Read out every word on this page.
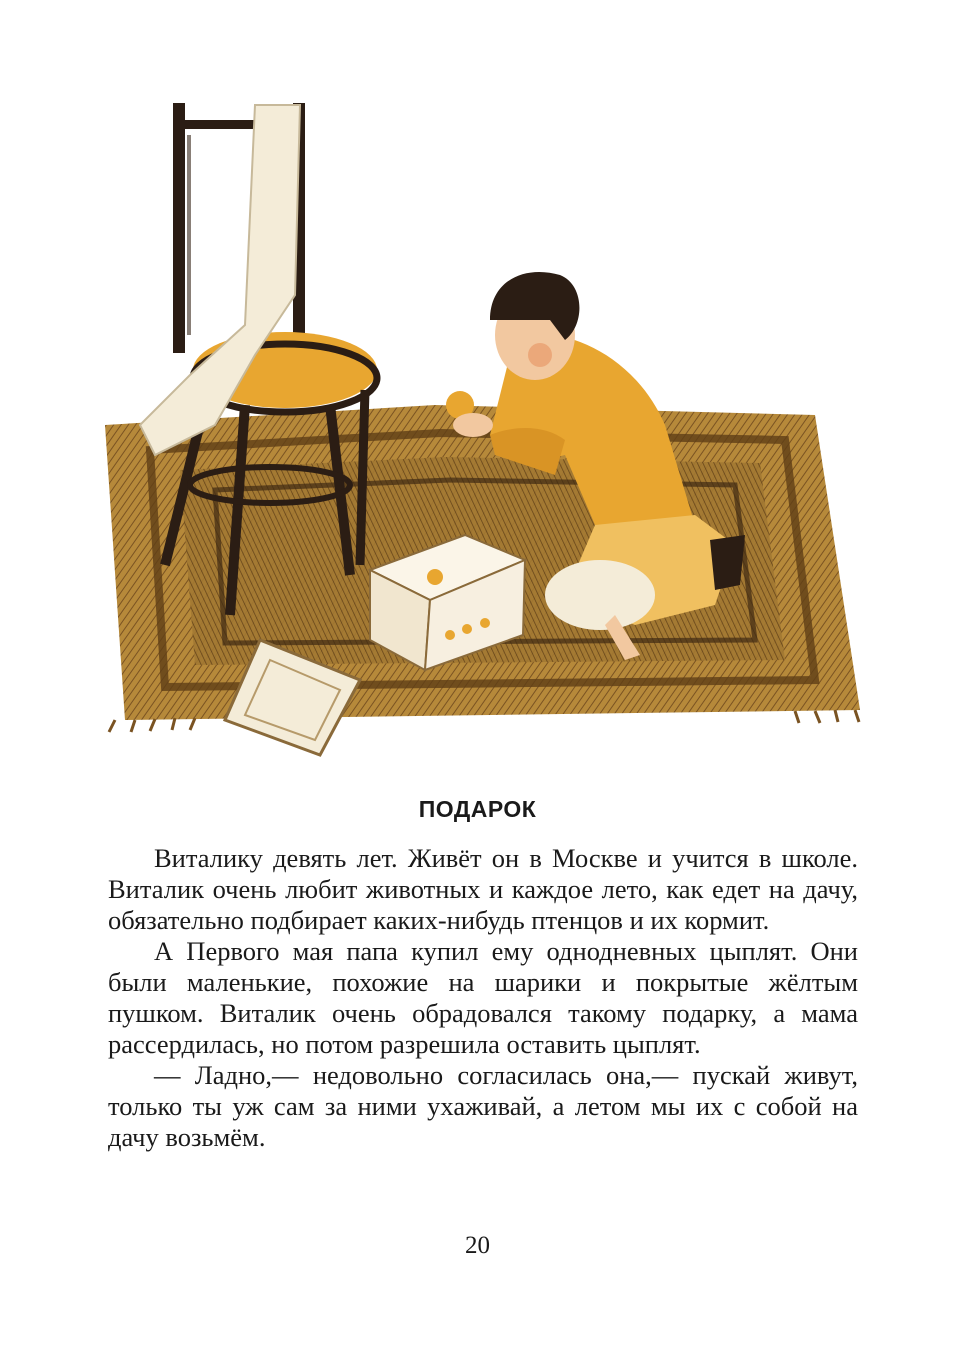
ПОДАРОК

Виталику девять лет. Живёт он в Москве и учится в школе. Виталик очень любит животных и каждое лето, как едет на дачу, обязательно подбирает каких-нибудь птенцов и их кормит.

А Первого мая папа купил ему однодневных цыплят. Они были маленькие, похожие на шарики и покрытые жёлтым пушком. Виталик очень обрадовался такому подарку, а мама рассердилась, но потом разрешила оставить цыплят.

— Ладно,— недовольно согласилась она,— пускай живут, только ты уж сам за ними ухаживай, а летом мы их с собой на дачу возьмём.

20
